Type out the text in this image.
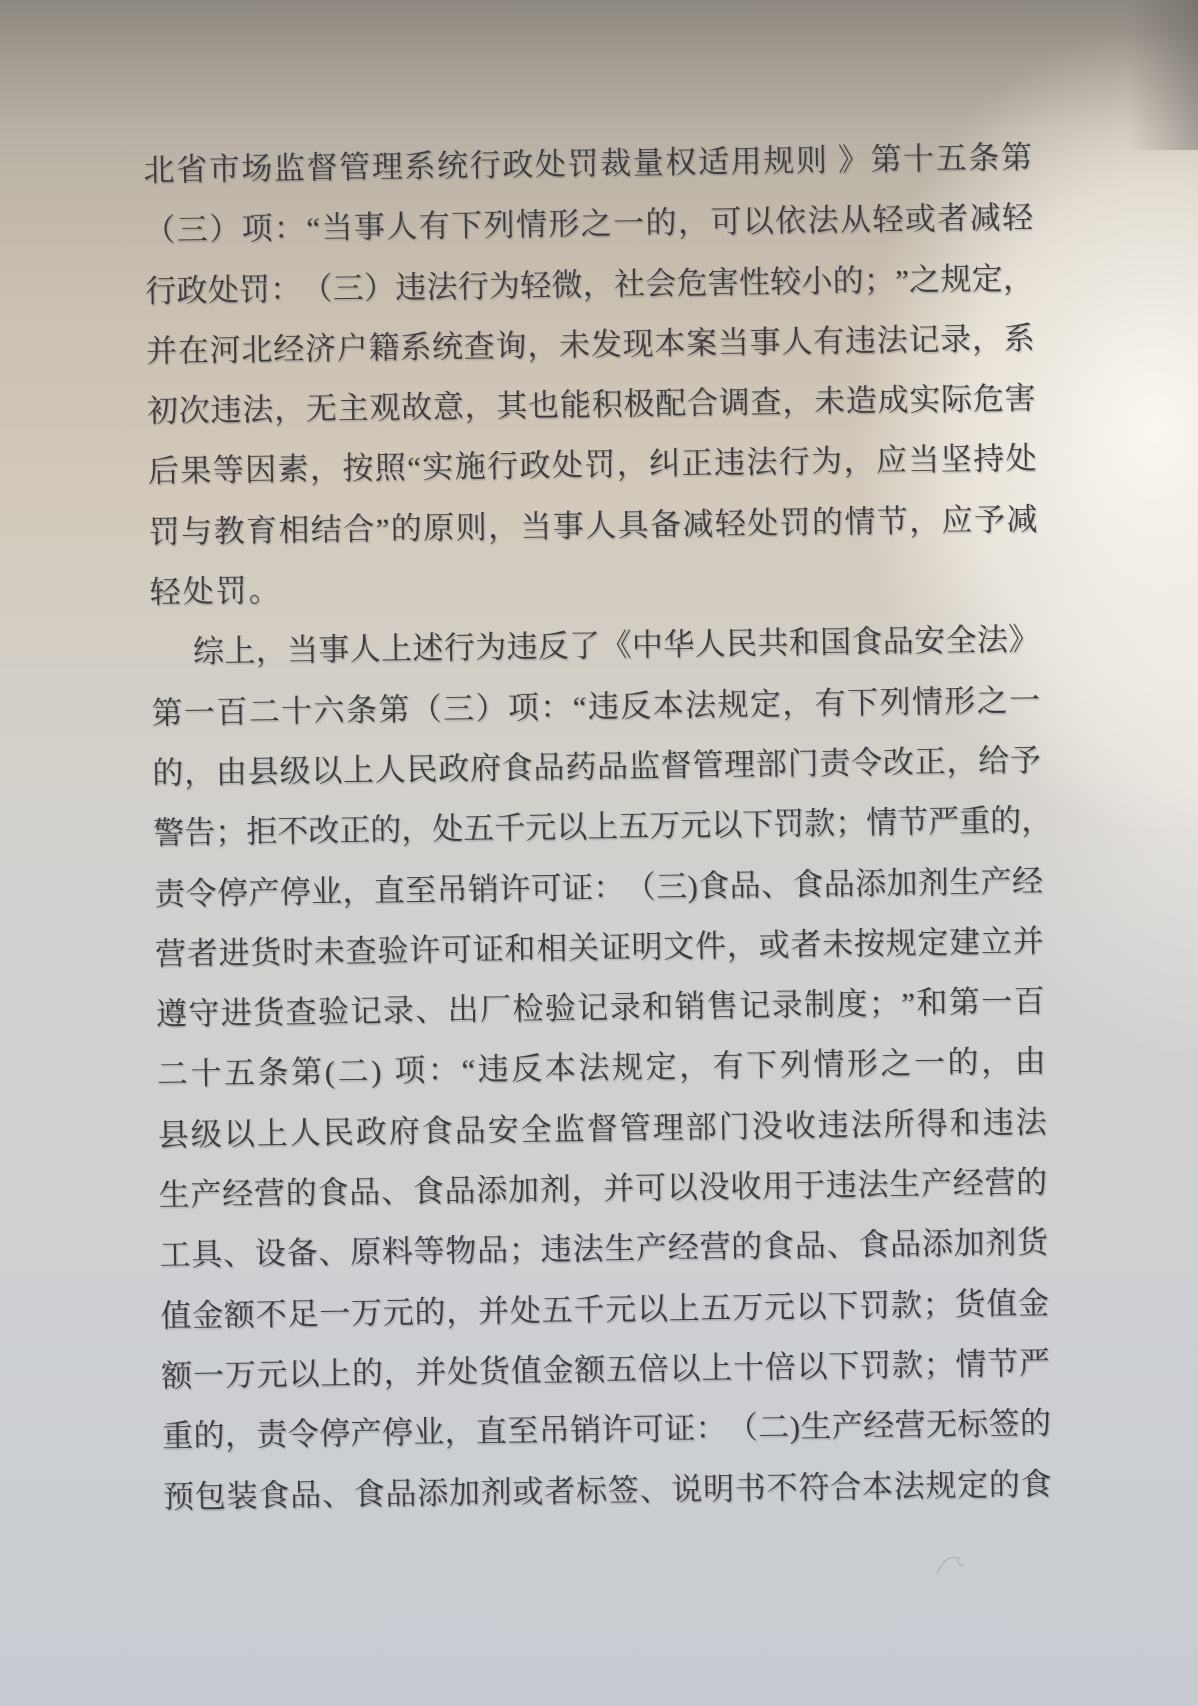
北 省 市 场 监 督 管 理 系 统 行 政 处 罚 裁 量 权 适 用 规 则
》 第 十 五 条 第
（ 三 ） 项 ： “ 当 事 人 有 下 列 情 形 之 一 的 ， 可 以 依 法 从 轻 或 者 减 轻
行 政 处 罚 ： （ 三 ） 违 法 行 为 轻 微 ， 社 会 危 害 性 较 小 的 ； ” 之 规 定 ，
并 在 河 北 经 济 户 籍 系 统 查 询 ， 未 发 现 本 案 当 事 人 有 违 法 记 录 ， 系
初 次 违 法 ， 无 主 观 故 意 ， 其 也 能 积 极 配 合 调 查 ， 未 造 成 实 际 危 害
后 果 等 因 素 ， 按 照 “ 实 施 行 政 处 罚 ， 纠 正 违 法 行 为 ， 应 当 坚 持 处
罚 与 教 育 相 结 合 ” 的 原 则 ， 当 事 人 具 备 减 轻 处 罚 的 情 节 ， 应 予 减
轻处罚。
综 上 ， 当 事 人 上 述 行 为 违 反 了 《 中 华 人 民 共 和 国 食 品 安 全 法 》
第 一 百 二 十 六 条 第 （ 三 ） 项 ： “ 违 反 本 法 规 定 ， 有 下 列 情 形 之 一
的 ， 由 县 级 以 上 人 民 政 府 食 品 药 品 监 督 管 理 部 门 责 令 改 正 ， 给 予
警 告 ； 拒 不 改 正 的 ， 处 五 千 元 以 上 五 万 元 以 下 罚 款 ； 情 节 严 重 的 ，
责 令 停 产 停 业 ， 直 至 吊 销 许 可 证 ： （ 三 ) 食 品 、 食 品 添 加 剂 生 产 经
营 者 进 货 时 未 查 验 许 可 证 和 相 关 证 明 文 件 ， 或 者 未 按 规 定 建 立 并
遵 守 进 货 查 验 记 录 、 出 厂 检 验 记 录 和 销 售 记 录 制 度 ； ” 和 第 一 百
二 十 五 条 第 ( 二 )
项 ： “ 违 反 本 法 规 定 ， 有 下 列 情 形 之 一 的 ， 由
县 级 以 上 人 民 政 府 食 品 安 全 监 督 管 理 部 门 没 收 违 法 所 得 和 违 法
生 产 经 营 的 食 品 、 食 品 添 加 剂 ， 并 可 以 没 收 用 于 违 法 生 产 经 营 的
工 具 、 设 备 、 原 料 等 物 品 ； 违 法 生 产 经 营 的 食 品 、 食 品 添 加 剂 货
值 金 额 不 足 一 万 元 的 ， 并 处 五 千 元 以 上 五 万 元 以 下 罚 款 ； 货 值 金
额 一 万 元 以 上 的 ， 并 处 货 值 金 额 五 倍 以 上 十 倍 以 下 罚 款 ； 情 节 严
重 的 ， 责 令 停 产 停 业 ， 直 至 吊 销 许 可 证 ： （ 二 ) 生 产 经 营 无 标 签 的
预 包 装 食 品 、 食 品 添 加 剂 或 者 标 签 、 说 明 书 不 符 合 本 法 规 定 的 食
